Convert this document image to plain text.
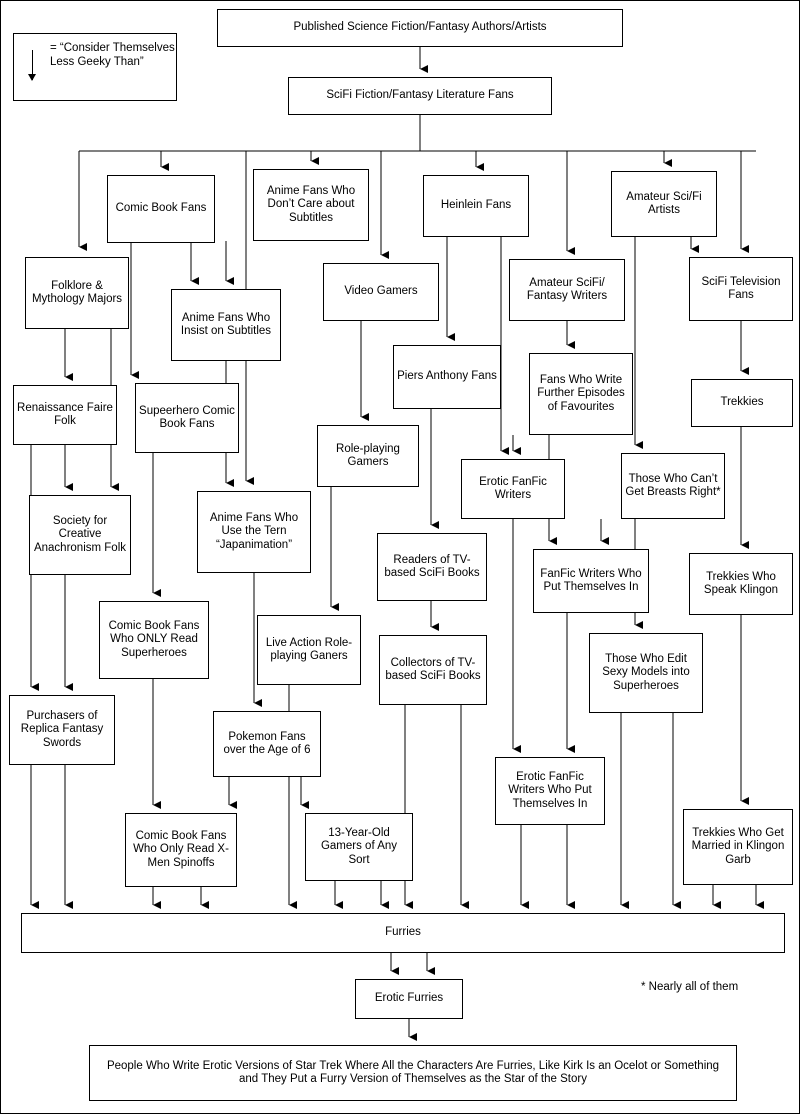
= “Consider Themselves Less Geeky Than”
* Nearly all of them
Published Science Fiction/Fantasy Authors/Artists
SciFi Fiction/Fantasy Literature Fans
Comic Book Fans
Anime Fans Who Don’t Care about Subtitles
Heinlein Fans
Amateur Sci/Fi Artists
Folklore & Mythology Majors
Video Gamers
Amateur SciFi/ Fantasy Writers
SciFi Television Fans
Anime Fans Who Insist on Subtitles
Piers Anthony Fans	Fans Who Write Further Episodes of Favourites
Renaissance Faire Folk
Supeerhero Comic Book Fans
Trekkies
Role-playing Gamers
Erotic FanFic Writers
Those Who Can’t Get Breasts Right*
Society for Creative Anachronism Folk
Anime Fans Who Use the Tern “Japanimation”
Readers of TV-based SciFi Books	FanFic Writers Who Put Themselves In
Trekkies Who Speak Klingon
Comic Book Fans Who ONLY Read Superheroes
Live Action Role-playing Ganers
Collectors of TV-based SciFi Books
Those Who Edit Sexy Models into Superheroes
Purchasers of Replica Fantasy Swords
Pokemon Fans over the Age of 6
Erotic FanFic Writers Who Put Themselves In
Comic Book Fans Who Only Read X-Men Spinoffs
13-Year-Old Gamers of Any Sort
Trekkies Who Get Married in Klingon Garb
Furries
Erotic Furries
People Who Write Erotic Versions of Star Trek Where All the Characters Are Furries, Like Kirk Is an Ocelot or Something and They Put a Furry Version of Themselves as the Star of the Story
